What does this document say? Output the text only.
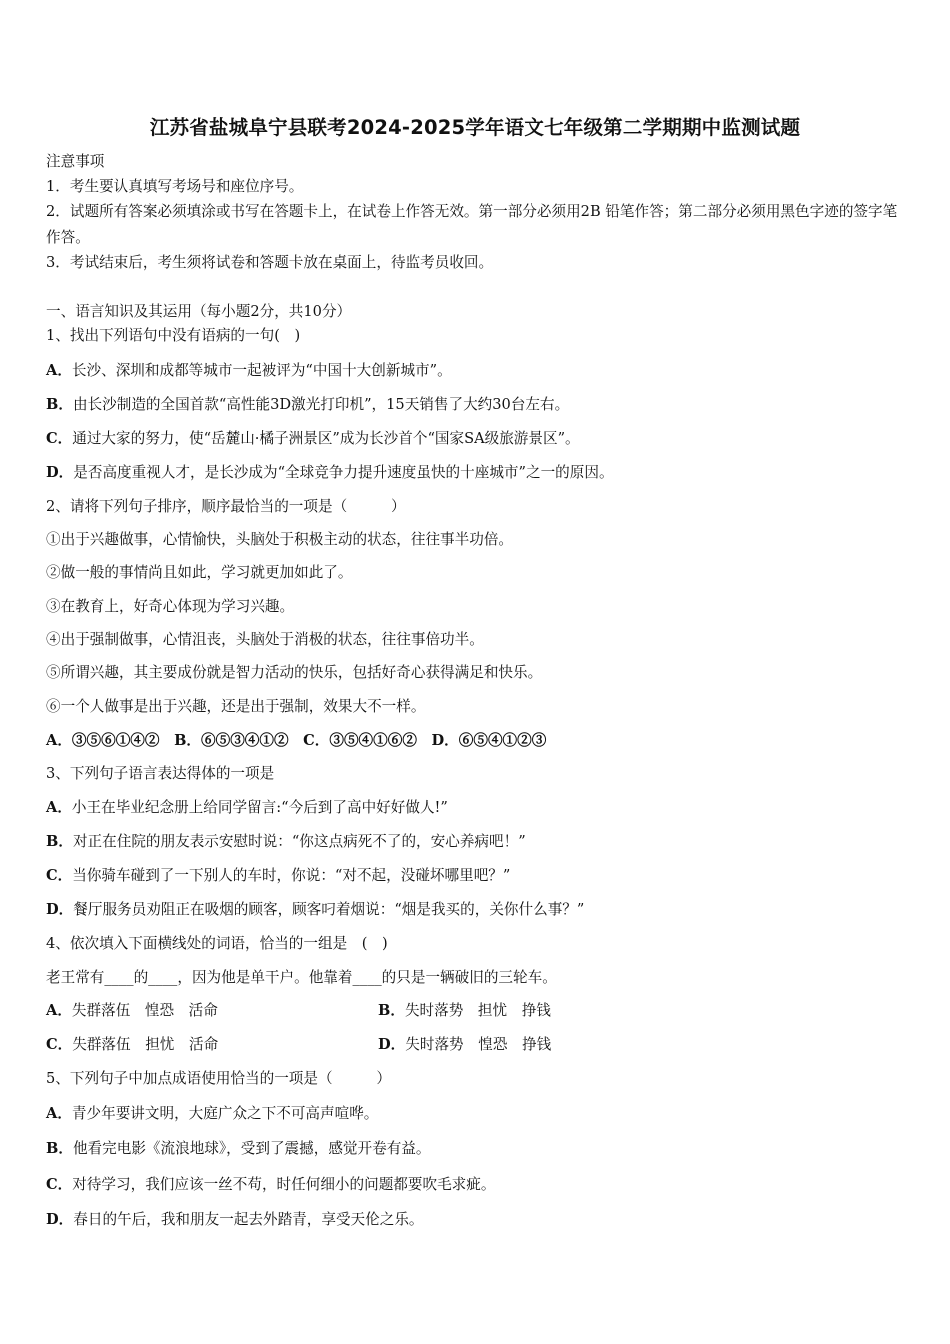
江苏省盐城阜宁县联考2024-2025学年语文七年级第二学期期中监测试题
注意事项
1．考生要认真填写考场号和座位序号。
2．试题所有答案必须填涂或书写在答题卡上，在试卷上作答无效。第一部分必须用2B 铅笔作答；第二部分必须用黑色字迹的签字笔作答。
3．考试结束后，考生须将试卷和答题卡放在桌面上，待监考员收回。
一、语言知识及其运用（每小题2分，共10分）
1、找出下列语句中没有语病的一句(　)
A．长沙、深圳和成都等城市一起被评为“中国十大创新城市”。
B．由长沙制造的全国首款“高性能3D激光打印机”，15天销售了大约30台左右。
C．通过大家的努力，使“岳麓山·橘子洲景区”成为长沙首个“国家SA级旅游景区”。
D．是否高度重视人才，是长沙成为“全球竞争力提升速度虽快的十座城市”之一的原因。
2、请将下列句子排序，顺序最恰当的一项是（　　　）
①出于兴趣做事，心情愉快，头脑处于积极主动的状态，往往事半功倍。
②做一般的事情尚且如此，学习就更加如此了。
③在教育上，好奇心体现为学习兴趣。
④出于强制做事，心情沮丧，头脑处于消极的状态，往往事倍功半。
⑤所谓兴趣，其主要成份就是智力活动的快乐，包括好奇心获得满足和快乐。
⑥一个人做事是出于兴趣，还是出于强制，效果大不一样。
A．③⑤⑥①④②　B．⑥⑤③④①②　C．③⑤④①⑥②　D．⑥⑤④①②③
3、下列句子语言表达得体的一项是
A．小王在毕业纪念册上给同学留言:“今后到了高中好好做人!”
B．对正在住院的朋友表示安慰时说：“你这点病死不了的，安心养病吧！”
C．当你骑车碰到了一下别人的车时，你说：“对不起，没碰坏哪里吧？”
D．餐厅服务员劝阻正在吸烟的顾客，顾客叼着烟说：“烟是我买的，关你什么事？”
4、依次填入下面横线处的词语，恰当的一组是　(　)
老王常有____的____，因为他是单干户。他靠着____的只是一辆破旧的三轮车。
A．失群落伍　惶恐　活命	B．失时落势　担忧　挣钱
C．失群落伍　担忧　活命	D．失时落势　惶恐　挣钱
5、下列句子中加点成语使用恰当的一项是（　　　）
A．青少年要讲文明，大庭广众之下不可高声喧哗。
B．他看完电影《流浪地球》，受到了震撼，感觉开卷有益。
C．对待学习，我们应该一丝不苟，时任何细小的问题都要吹毛求疵。
D．春日的午后，我和朋友一起去外踏青，享受天伦之乐。
